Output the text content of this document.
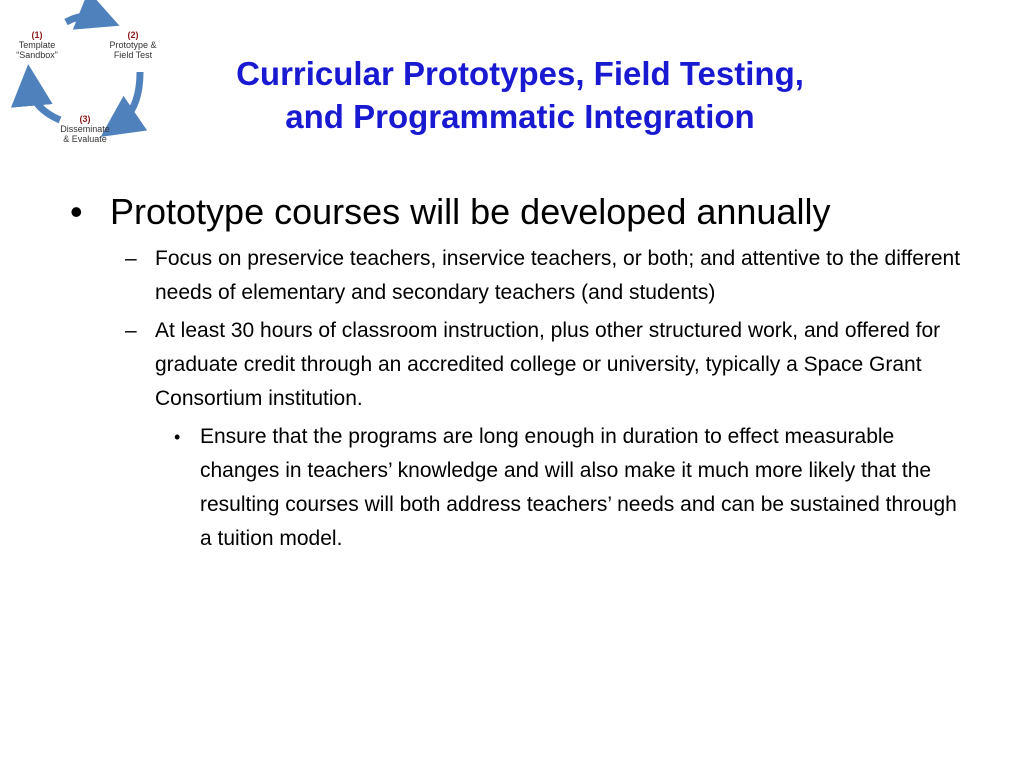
(1)
Template
“Sandbox”
(2)
Prototype &
Field Test
(3)
Disseminate
& Evaluate
Curricular Prototypes, Field Testing,
and Programmatic Integration
• Prototype courses will be developed annually
– Focus on preservice teachers, inservice teachers, or both; and attentive to the different needs of elementary and secondary teachers (and students)
– At least 30 hours of classroom instruction, plus other structured work, and offered for graduate credit through an accredited college or university, typically a Space Grant Consortium institution.
• Ensure that the programs are long enough in duration to effect measurable changes in teachers’ knowledge and will also make it much more likely that the resulting courses will both address teachers’ needs and can be sustained through a tuition model.
